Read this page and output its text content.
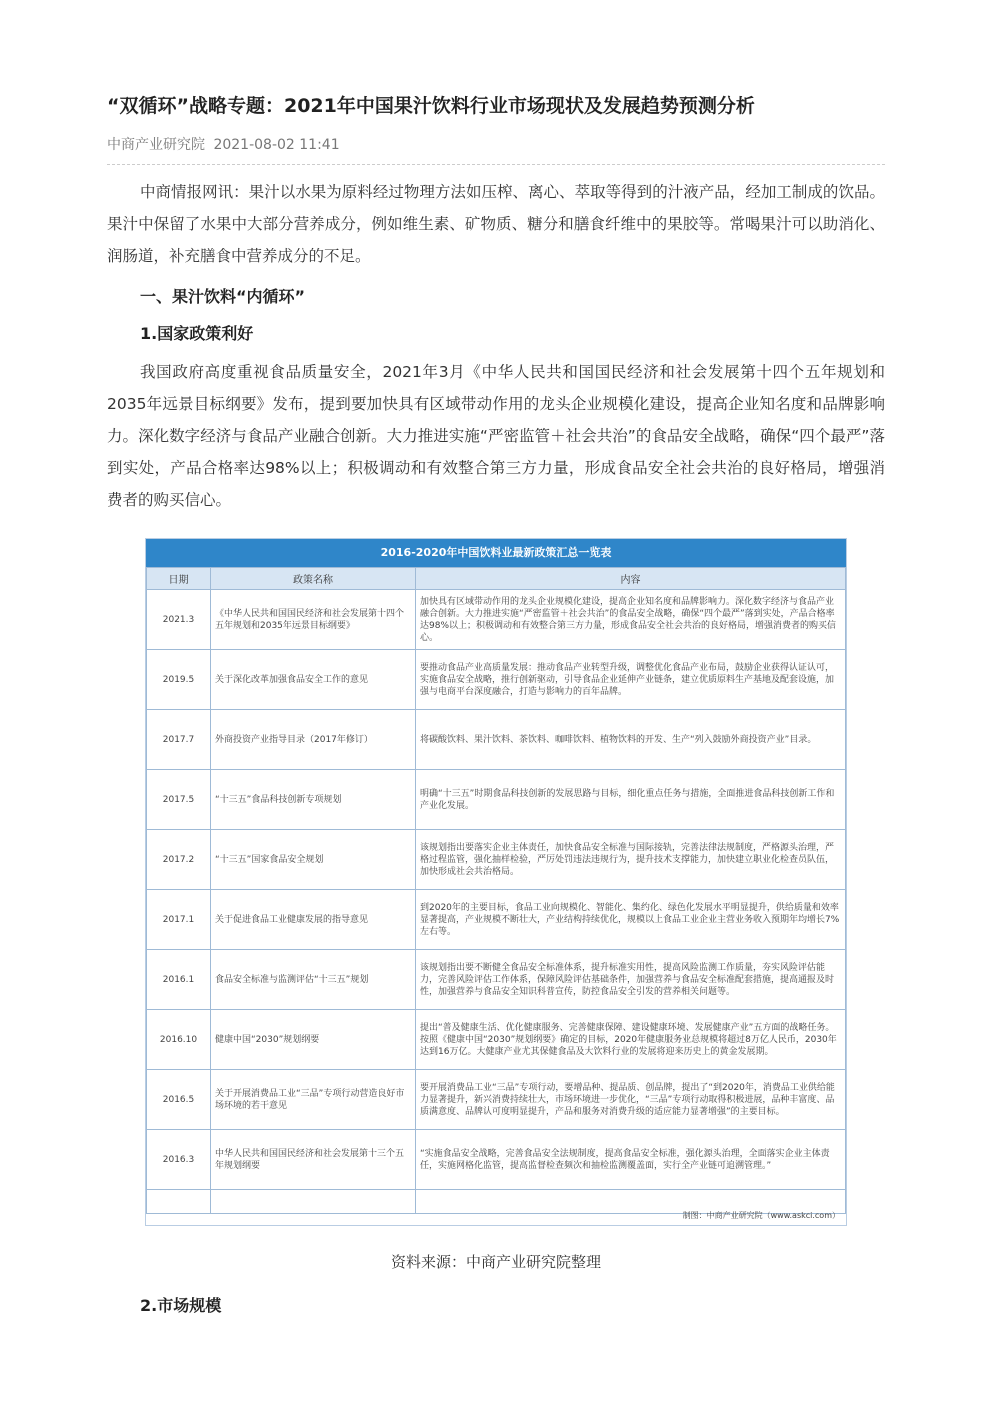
“双循环”战略专题：2021年中国果汁饮料行业市场现状及发展趋势预测分析
中商产业研究院 2021-08-02 11:41

中商情报网讯：果汁以水果为原料经过物理方法如压榨、离心、萃取等得到的汁液产品，经加工制成的饮品。果汁中保留了水果中大部分营养成分，例如维生素、矿物质、糖分和膳食纤维中的果胶等。常喝果汁可以助消化、润肠道，补充膳食中营养成分的不足。

一、果汁饮料“内循环”
1.国家政策利好

我国政府高度重视食品质量安全，2021年3月《中华人民共和国国民经济和社会发展第十四个五年规划和2035年远景目标纲要》发布，提到要加快具有区域带动作用的龙头企业规模化建设，提高企业知名度和品牌影响力。深化数字经济与食品产业融合创新。大力推进实施“严密监管＋社会共治”的食品安全战略，确保“四个最严”落到实处，产品合格率达98%以上；积极调动和有效整合第三方力量，形成食品安全社会共治的良好格局，增强消费者的购买信心。

2016-2020年中国饮料业最新政策汇总一览表
日期	政策名称	内容
2021.3	《中华人民共和国国民经济和社会发展第十四个五年规划和2035年远景目标纲要》	加快具有区域带动作用的龙头企业规模化建设，提高企业知名度和品牌影响力。深化数字经济与食品产业融合创新。大力推进实施“严密监管＋社会共治”的食品安全战略，确保“四个最严”落到实处，产品合格率达98%以上；积极调动和有效整合第三方力量，形成食品安全社会共治的良好格局，增强消费者的购买信心。
2019.5	关于深化改革加强食品安全工作的意见	要推动食品产业高质量发展：推动食品产业转型升级，调整优化食品产业布局，鼓励企业获得认证认可，实施食品安全战略，推行创新驱动，引导食品企业延伸产业链条，建立优质原料生产基地及配套设施，加强与电商平台深度融合，打造与影响力的百年品牌。
2017.7	外商投资产业指导目录（2017年修订）	将碳酸饮料、果汁饮料、茶饮料、咖啡饮料、植物饮料的开发、生产“列入鼓励外商投资产业”目录。
2017.5	“十三五”食品科技创新专项规划	明确“十三五”时期食品科技创新的发展思路与目标，细化重点任务与措施，全面推进食品科技创新工作和产业化发展。
2017.2	“十三五”国家食品安全规划	该规划指出要落实企业主体责任，加快食品安全标准与国际接轨，完善法律法规制度，严格源头治理，严格过程监管，强化抽样检验，严厉处罚违法违规行为，提升技术支撑能力，加快建立职业化检查员队伍，加快形成社会共治格局。
2017.1	关于促进食品工业健康发展的指导意见	到2020年的主要目标，食品工业向规模化、智能化、集约化、绿色化发展水平明显提升，供给质量和效率显著提高，产业规模不断壮大，产业结构持续优化，规模以上食品工业企业主营业务收入预期年均增长7%左右等。
2016.1	食品安全标准与监测评估“十三五”规划	该规划指出要不断健全食品安全标准体系，提升标准实用性，提高风险监测工作质量，夯实风险评估能力，完善风险评估工作体系，保障风险评估基础条件，加强营养与食品安全标准配套措施，提高通报及时性，加强营养与食品安全知识科普宣传，防控食品安全引发的营养相关问题等。
2016.10	健康中国“2030”规划纲要	提出“普及健康生活、优化健康服务、完善健康保障、建设健康环境、发展健康产业”五方面的战略任务。按照《健康中国“2030”规划纲要》确定的目标，2020年健康服务业总规模将超过8万亿人民币，2030年达到16万亿。大健康产业尤其保健食品及大饮料行业的发展将迎来历史上的黄金发展期。
2016.5	关于开展消费品工业“三品”专项行动营造良好市场环境的若干意见	要开展消费品工业“三品”专项行动，要增品种、提品质、创品牌，提出了“到2020年，消费品工业供给能力显著提升，新兴消费持续壮大，市场环境进一步优化，“三品”专项行动取得积极进展，品种丰富度、品质满意度、品牌认可度明显提升，产品和服务对消费升级的适应能力显著增强”的主要目标。
2016.3	中华人民共和国国民经济和社会发展第十三个五年规划纲要	“实施食品安全战略，完善食品安全法规制度，提高食品安全标准，强化源头治理，全面落实企业主体责任，实施网格化监管，提高监督检查频次和抽检监测覆盖面，实行全产业链可追溯管理。”

制图：中商产业研究院（www.askci.com）
资料来源：中商产业研究院整理
2.市场规模
